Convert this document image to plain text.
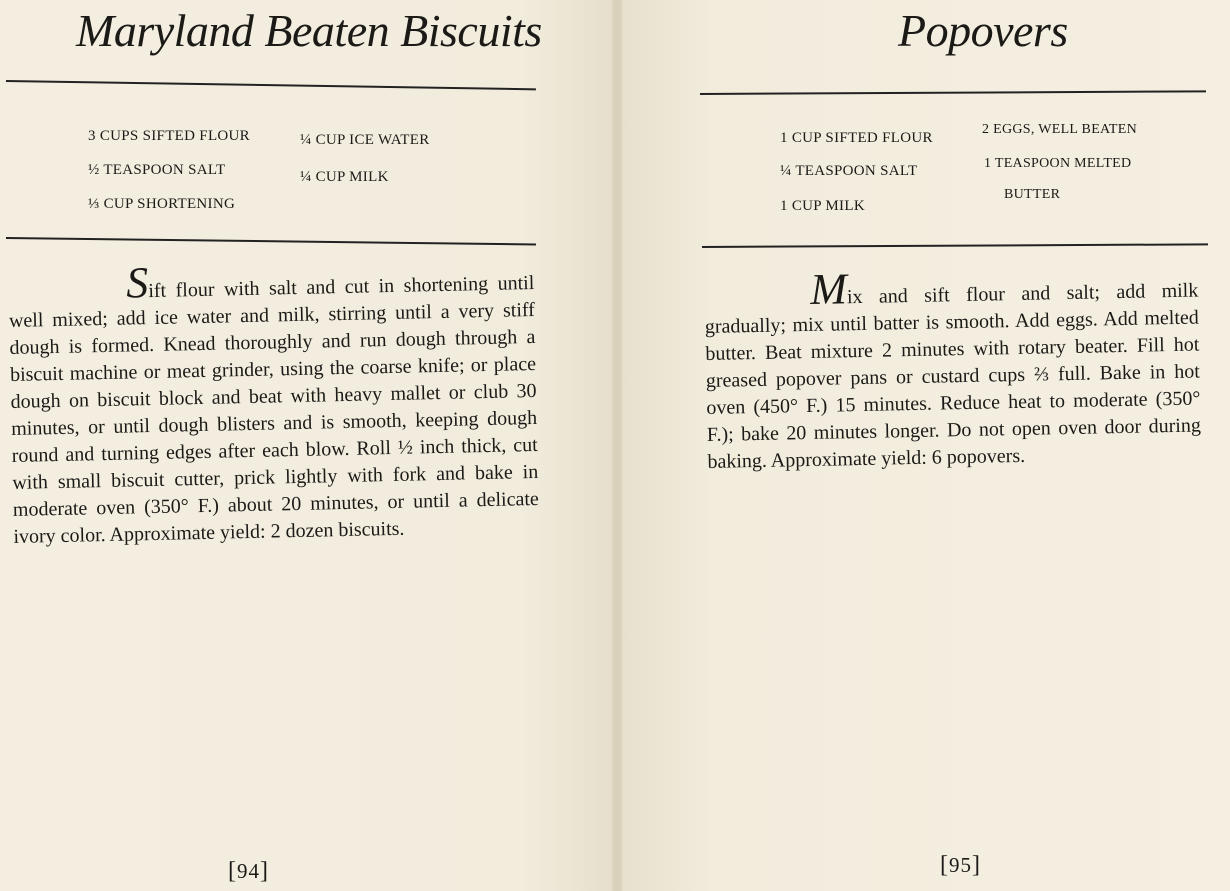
Maryland Beaten Biscuits
3 CUPS SIFTED FLOUR
½ TEASPOON SALT
⅓ CUP SHORTENING
¼ CUP ICE WATER
¼ CUP MILK

Sift flour with salt and cut in shortening until well mixed; add ice water and milk, stirring until a very stiff dough is formed. Knead thoroughly and run dough through a biscuit machine or meat grinder, using the coarse knife; or place dough on biscuit block and beat with heavy mallet or club 30 minutes, or until dough blisters and is smooth, keeping dough round and turning edges after each blow. Roll ½ inch thick, cut with small biscuit cutter, prick lightly with fork and bake in moderate oven (350° F.) about 20 minutes, or until a delicate ivory color. Approximate yield: 2 dozen biscuits.

[94]
Popovers
1 CUP SIFTED FLOUR
¼ TEASPOON SALT
1 CUP MILK
2 EGGS, WELL BEATEN
1 TEASPOON MELTED
BUTTER

Mix and sift flour and salt; add milk gradually; mix until batter is smooth. Add eggs. Add melted butter. Beat mixture 2 minutes with rotary beater. Fill hot greased popover pans or custard cups ⅔ full. Bake in hot oven (450° F.) 15 minutes. Reduce heat to moderate (350° F.); bake 20 minutes longer. Do not open oven door during baking. Approximate yield: 6 popovers.

[95]
